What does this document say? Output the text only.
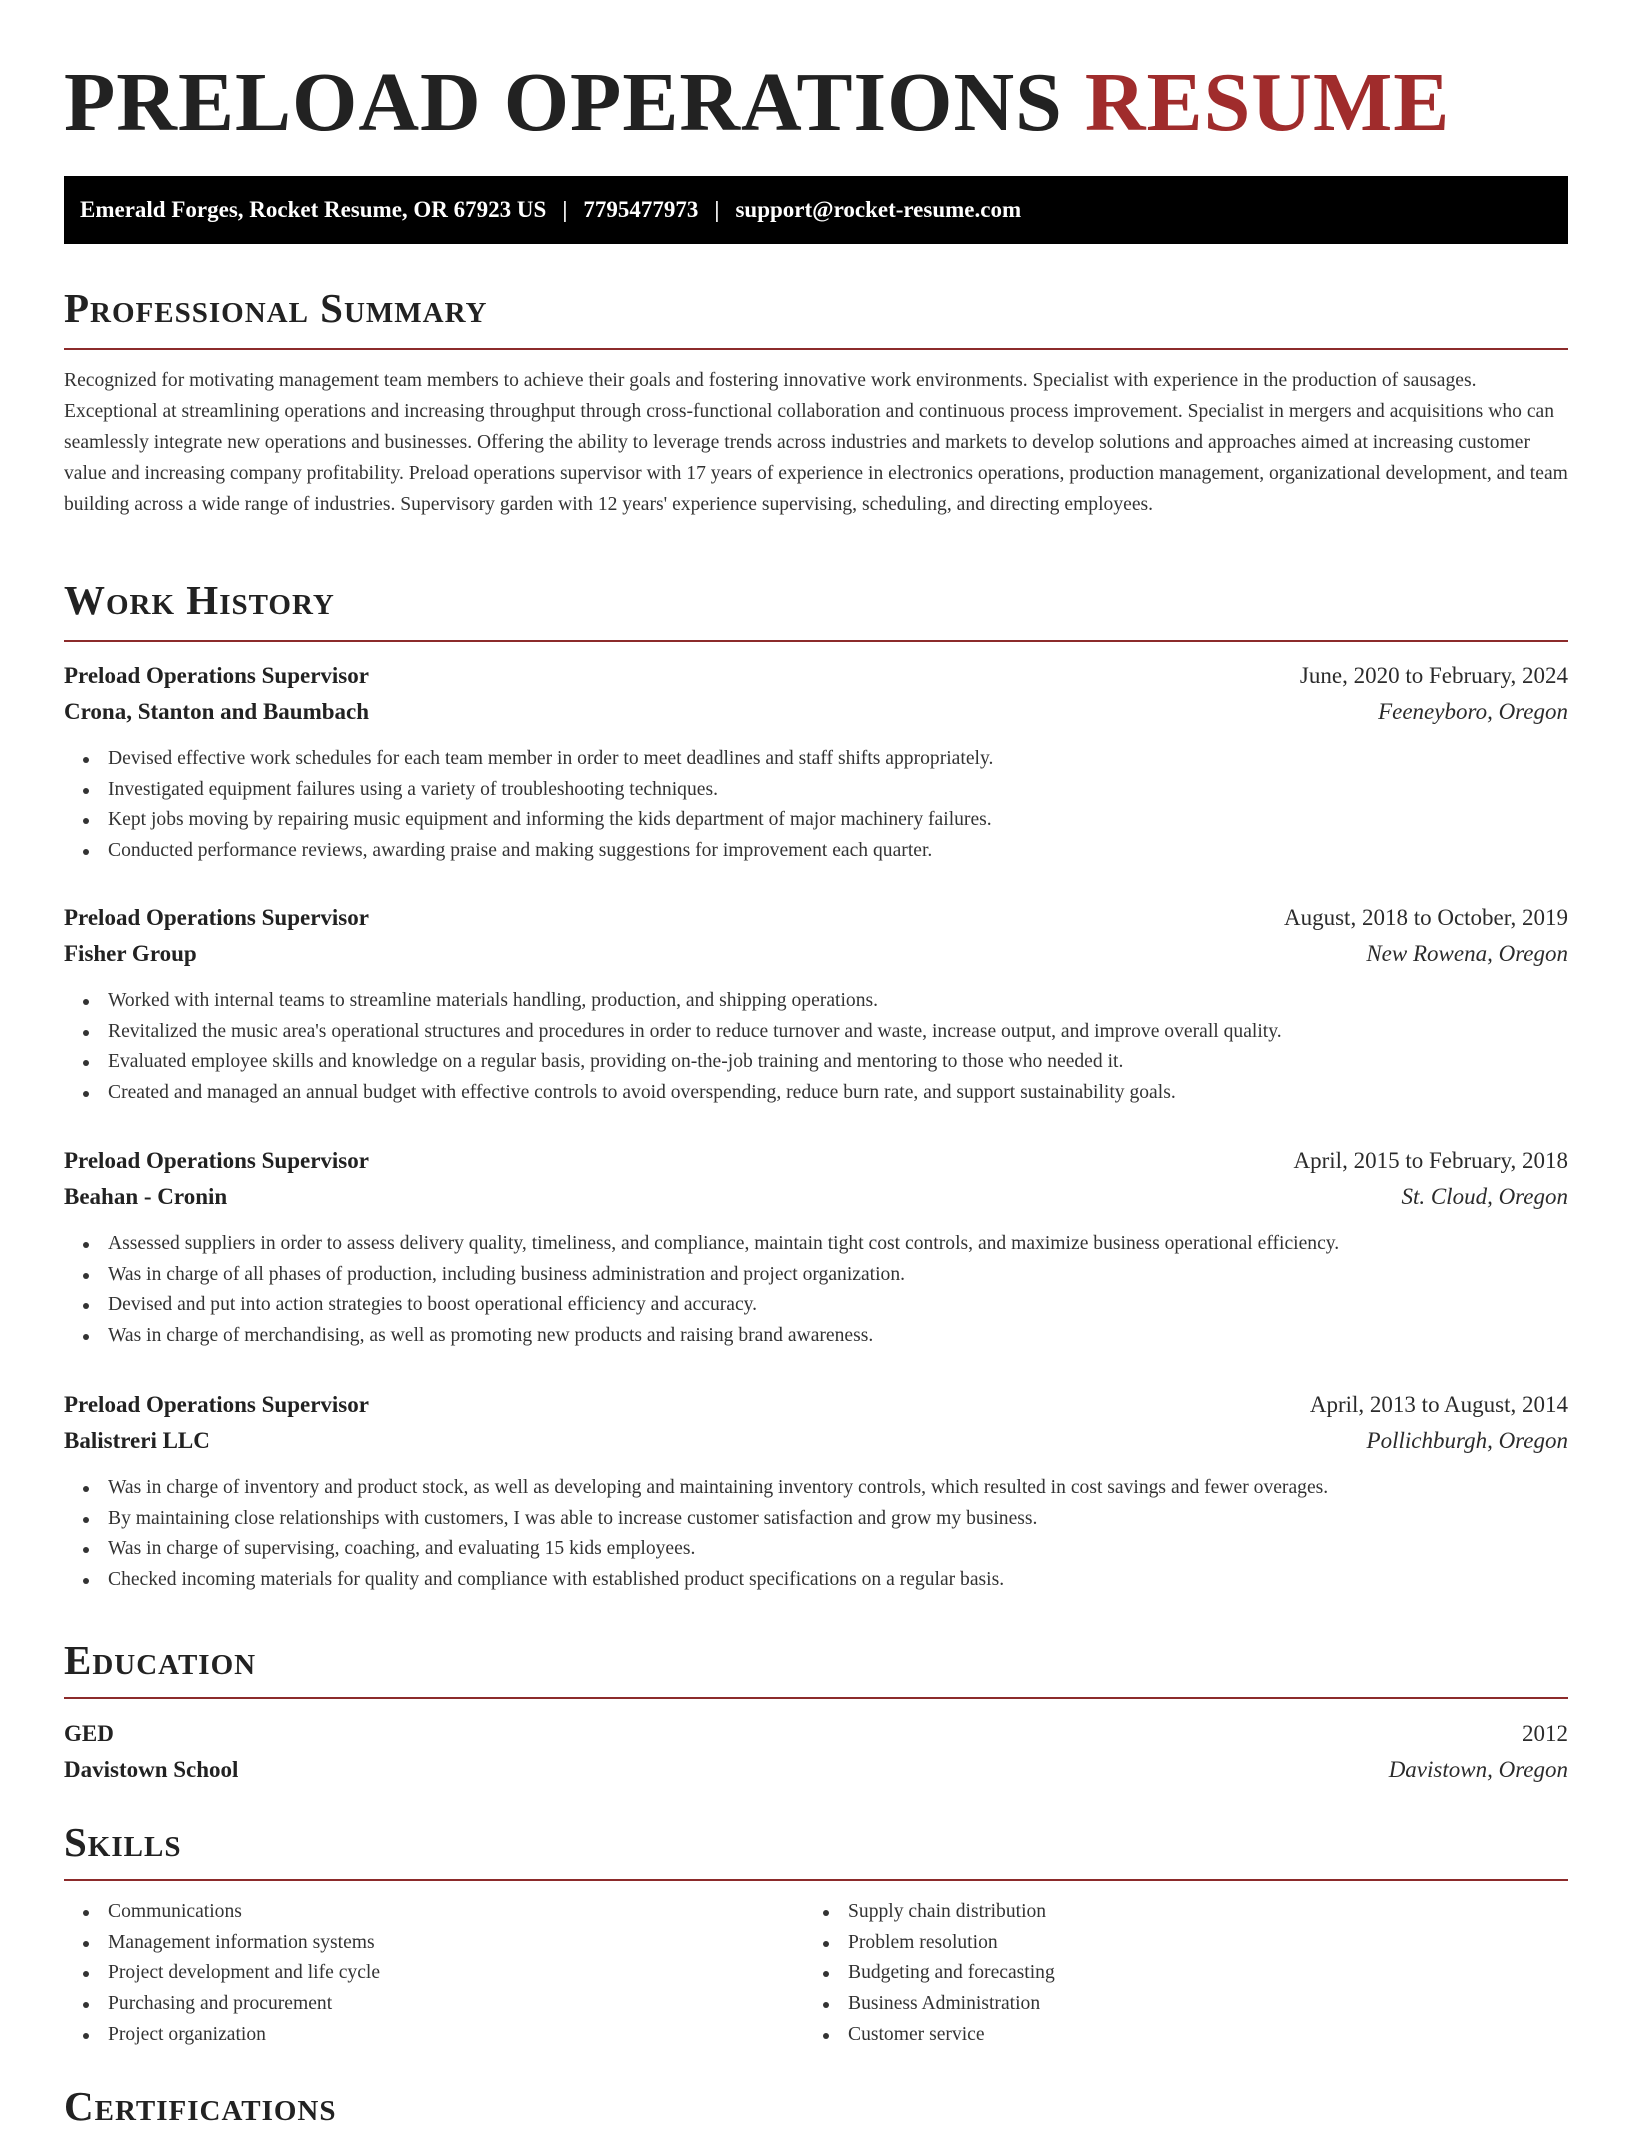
PRELOAD OPERATIONS RESUME
Emerald Forges, Rocket Resume, OR 67923 US | 7795477973 | support@rocket-resume.com
Professional Summary

Recognized for motivating management team members to achieve their goals and fostering innovative work environments. Specialist with experience in the production of sausages. Exceptional at streamlining operations and increasing throughput through cross-functional collaboration and continuous process improvement. Specialist in mergers and acquisitions who can seamlessly integrate new operations and businesses. Offering the ability to leverage trends across industries and markets to develop solutions and approaches aimed at increasing customer value and increasing company profitability. Preload operations supervisor with 17 years of experience in electronics operations, production management, organizational development, and team building across a wide range of industries. Supervisory garden with 12 years' experience supervising, scheduling, and directing employees.

Work History
Preload Operations Supervisor	June, 2020 to February, 2024
Crona, Stanton and Baumbach	Feeneyboro, Oregon
Devised effective work schedules for each team member in order to meet deadlines and staff shifts appropriately.
Investigated equipment failures using a variety of troubleshooting techniques.
Kept jobs moving by repairing music equipment and informing the kids department of major machinery failures.
Conducted performance reviews, awarding praise and making suggestions for improvement each quarter.
Preload Operations Supervisor	August, 2018 to October, 2019
Fisher Group	New Rowena, Oregon
Worked with internal teams to streamline materials handling, production, and shipping operations.
Revitalized the music area's operational structures and procedures in order to reduce turnover and waste, increase output, and improve overall quality.
Evaluated employee skills and knowledge on a regular basis, providing on-the-job training and mentoring to those who needed it.
Created and managed an annual budget with effective controls to avoid overspending, reduce burn rate, and support sustainability goals.
Preload Operations Supervisor	April, 2015 to February, 2018
Beahan - Cronin	St. Cloud, Oregon
Assessed suppliers in order to assess delivery quality, timeliness, and compliance, maintain tight cost controls, and maximize business operational efficiency.
Was in charge of all phases of production, including business administration and project organization.
Devised and put into action strategies to boost operational efficiency and accuracy.
Was in charge of merchandising, as well as promoting new products and raising brand awareness.
Preload Operations Supervisor	April, 2013 to August, 2014
Balistreri LLC	Pollichburgh, Oregon
Was in charge of inventory and product stock, as well as developing and maintaining inventory controls, which resulted in cost savings and fewer overages.
By maintaining close relationships with customers, I was able to increase customer satisfaction and grow my business.
Was in charge of supervising, coaching, and evaluating 15 kids employees.
Checked incoming materials for quality and compliance with established product specifications on a regular basis.
Education
GED	2012
Davistown School	Davistown, Oregon
Skills
Communications
Management information systems
Project development and life cycle
Purchasing and procurement
Project organization
Supply chain distribution
Problem resolution
Budgeting and forecasting
Business Administration
Customer service
Certifications
